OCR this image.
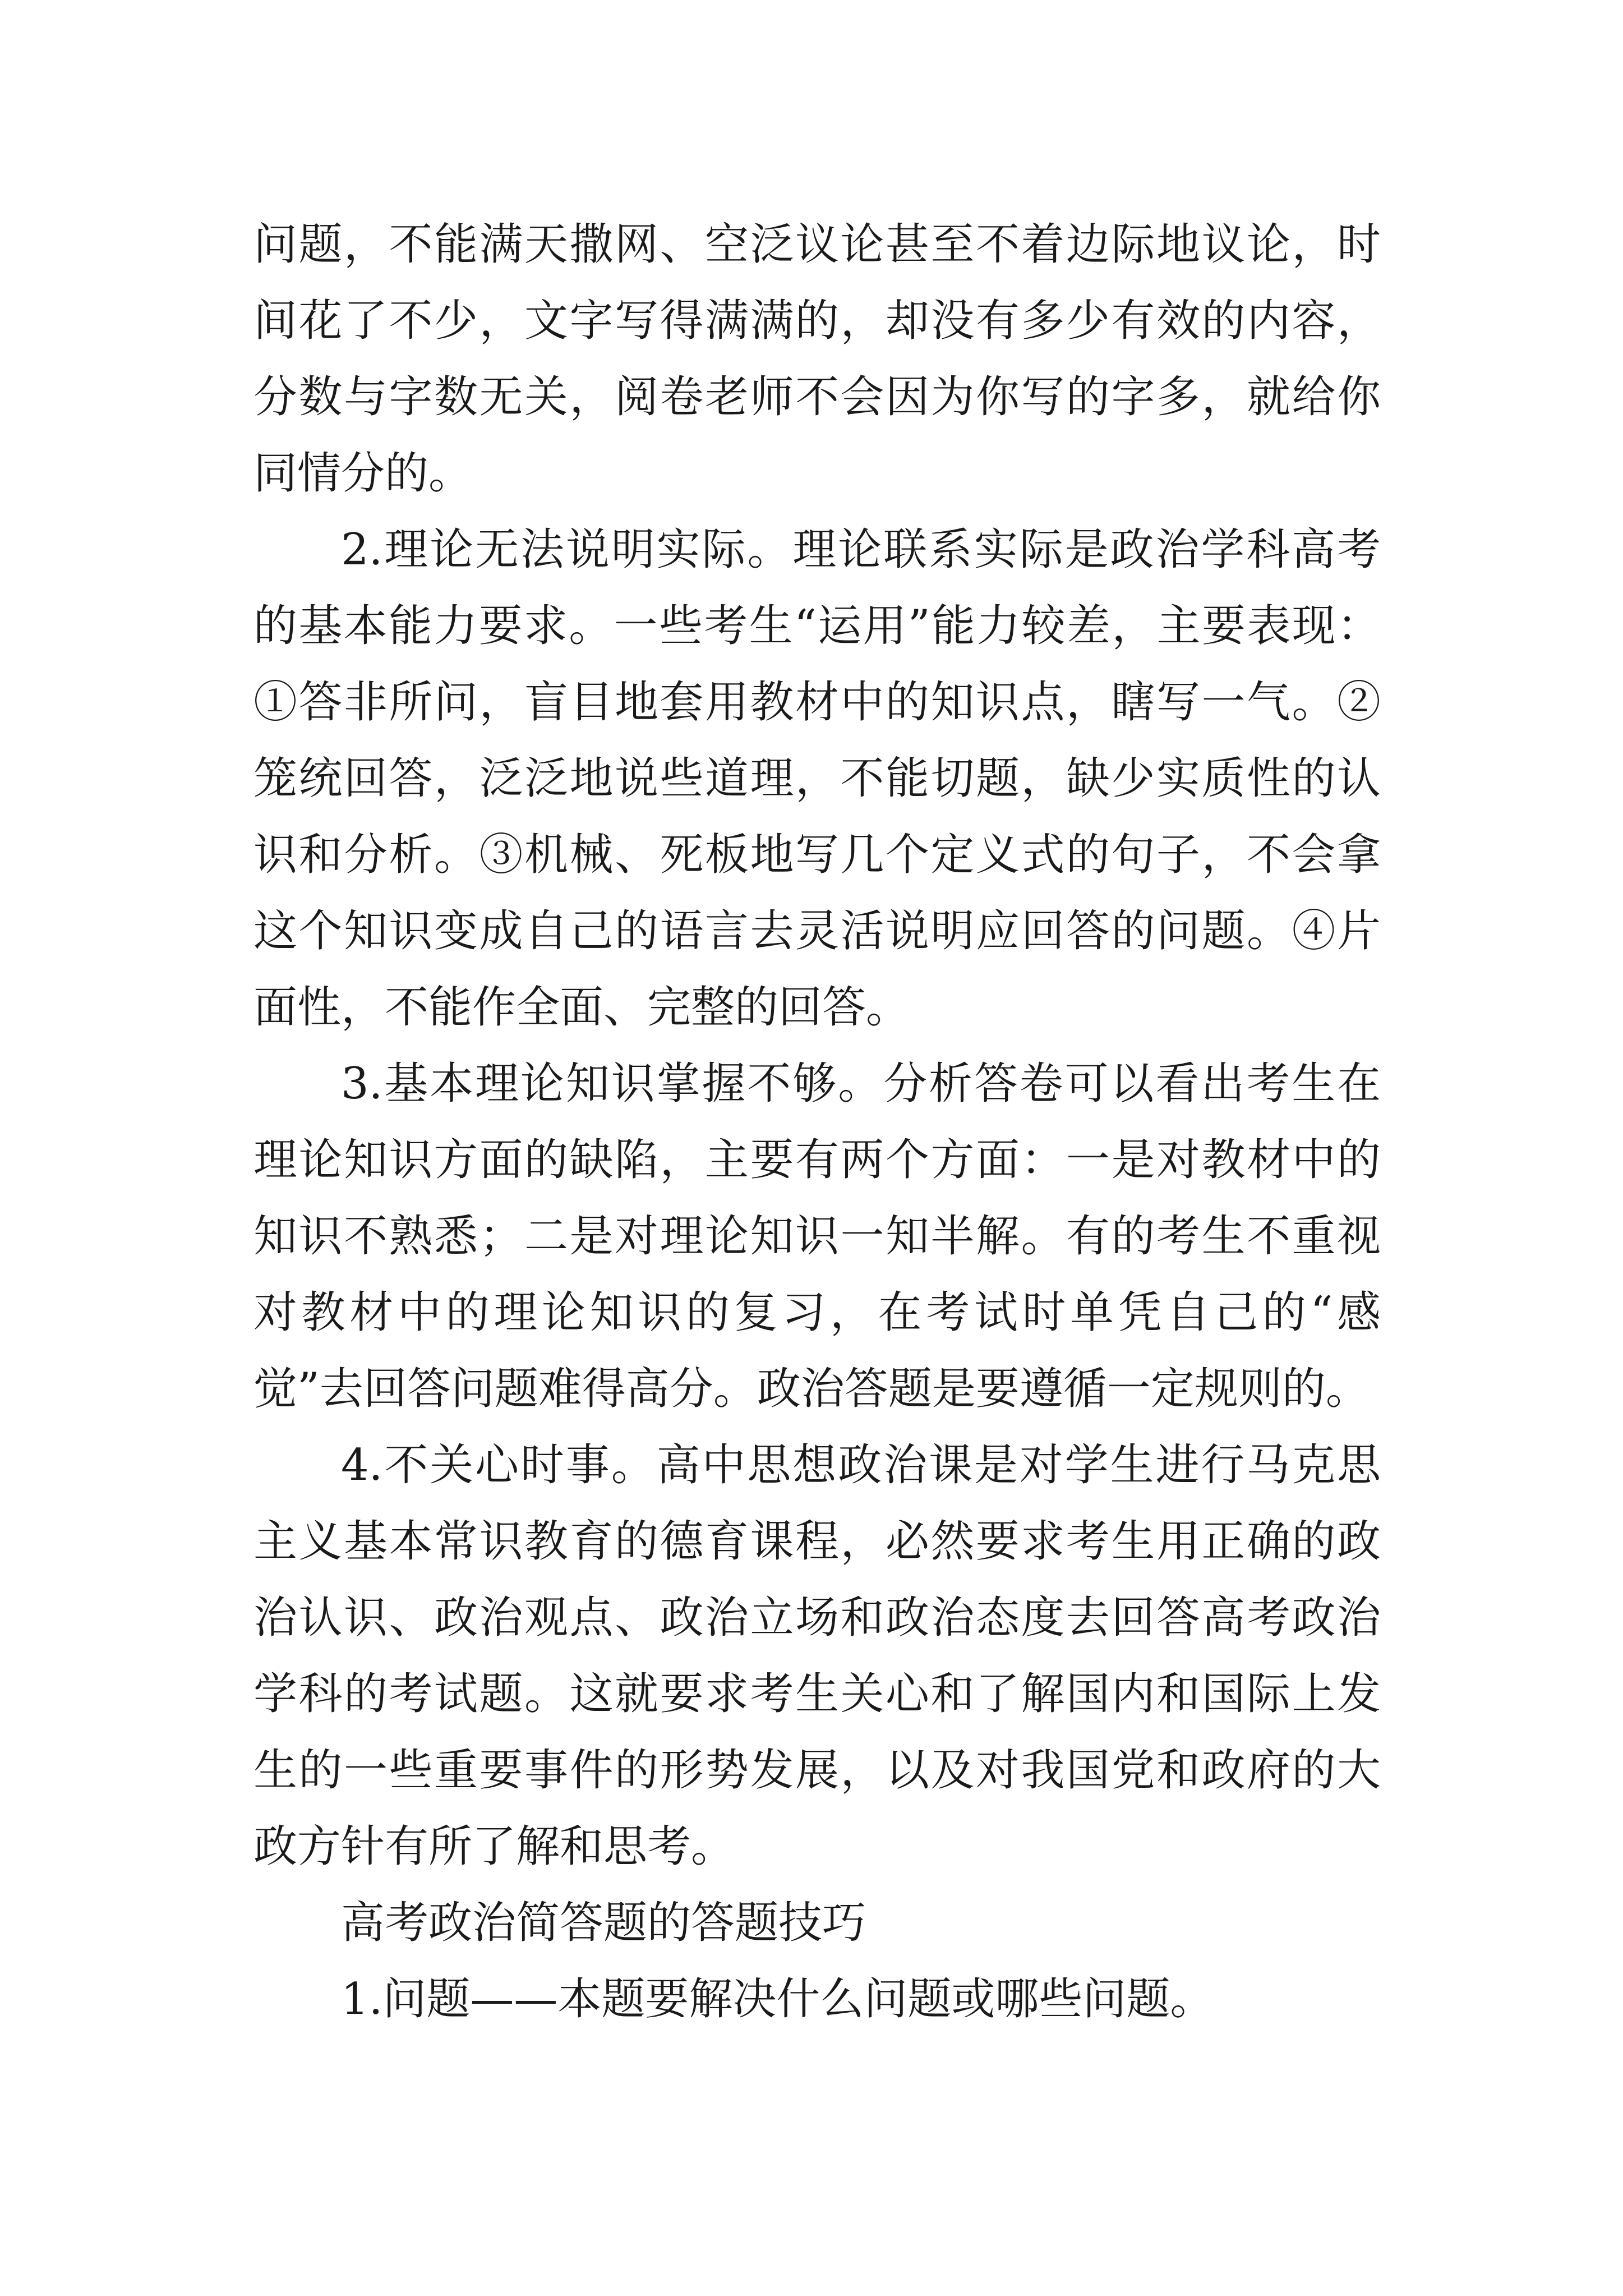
问题，不能满天撒网、空泛议论甚至不着边际地议论，时间花了不少，文字写得满满的，却没有多少有效的内容，分数与字数无关，阅卷老师不会因为你写的字多，就给你同情分的。

2.理论无法说明实际。理论联系实际是政治学科高考的基本能力要求。一些考生“运用”能力较差，主要表现：①答非所问，盲目地套用教材中的知识点，瞎写一气。②笼统回答，泛泛地说些道理，不能切题，缺少实质性的认识和分析。③机械、死板地写几个定义式的句子，不会拿这个知识变成自己的语言去灵活说明应回答的问题。④片面性，不能作全面、完整的回答。

3.基本理论知识掌握不够。分析答卷可以看出考生在理论知识方面的缺陷，主要有两个方面：一是对教材中的知识不熟悉；二是对理论知识一知半解。有的考生不重视对教材中的理论知识的复习，在考试时单凭自己的“感觉”去回答问题难得高分。政治答题是要遵循一定规则的。

4.不关心时事。高中思想政治课是对学生进行马克思主义基本常识教育的德育课程，必然要求考生用正确的政治认识、政治观点、政治立场和政治态度去回答高考政治学科的考试题。这就要求考生关心和了解国内和国际上发生的一些重要事件的形势发展，以及对我国党和政府的大政方针有所了解和思考。

高考政治简答题的答题技巧

1.问题——本题要解决什么问题或哪些问题。
